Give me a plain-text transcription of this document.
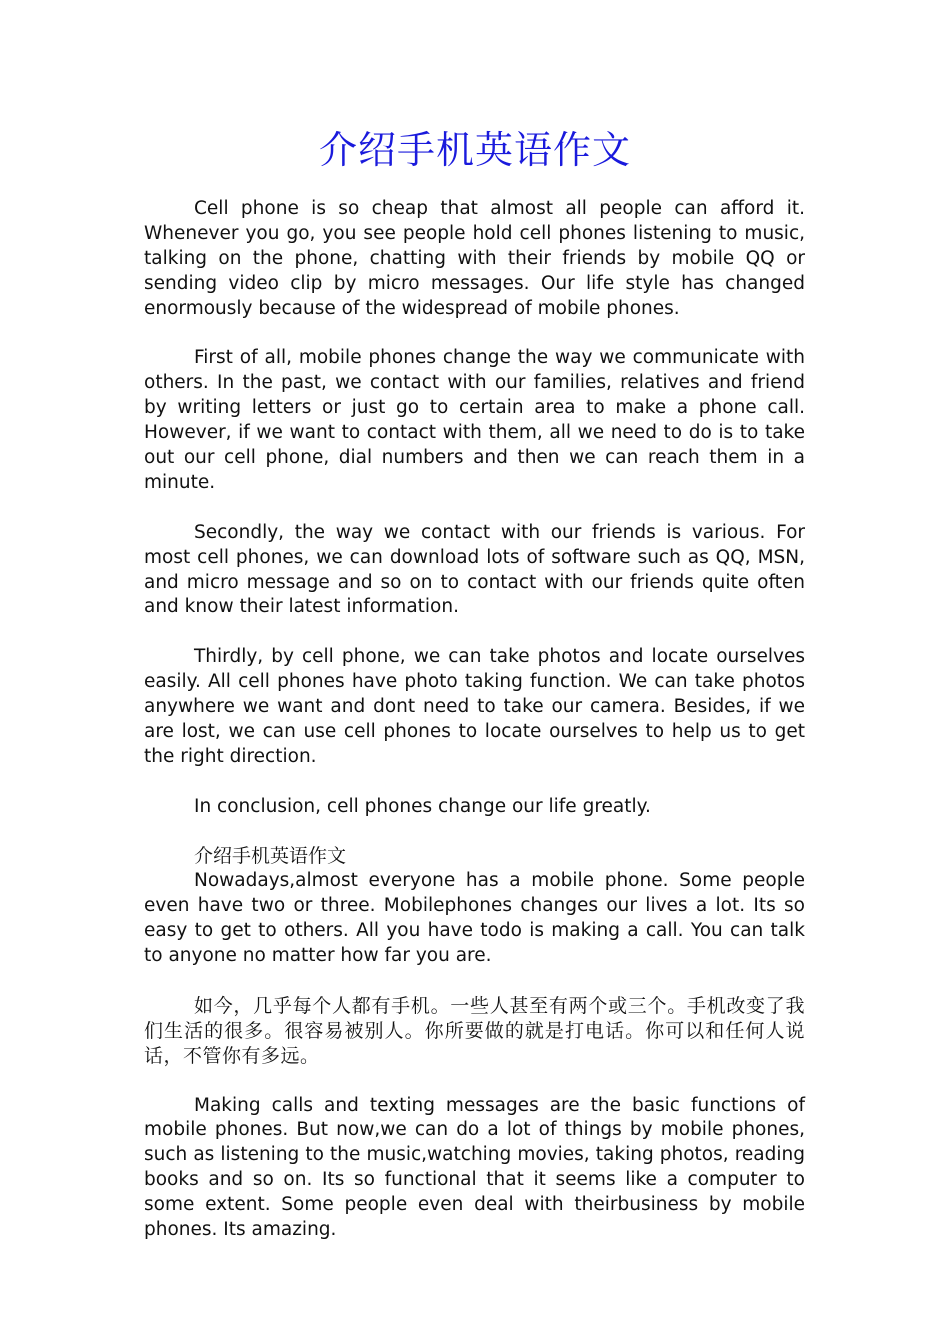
介绍手机英语作文

Cell phone is so cheap that almost all people can afford it. Whenever you go, you see people hold cell phones listening to music, talking on the phone, chatting with their friends by mobile QQ or sending video clip by micro messages. Our life style has changed enormously because of the widespread of mobile phones.

First of all, mobile phones change the way we communicate with others. In the past, we contact with our families, relatives and friend by writing letters or just go to certain area to make a phone call. However, if we want to contact with them, all we need to do is to take out our cell phone, dial numbers and then we can reach them in a minute.

Secondly, the way we contact with our friends is various. For most cell phones, we can download lots of software such as QQ, MSN, and micro message and so on to contact with our friends quite often and know their latest information.

Thirdly, by cell phone, we can take photos and locate ourselves easily. All cell phones have photo taking function. We can take photos anywhere we want and dont need to take our camera. Besides, if we are lost, we can use cell phones to locate ourselves to help us to get the right direction.

In conclusion, cell phones change our life greatly.

介绍手机英语作文

Nowadays,almost everyone has a mobile phone. Some people even have two or three. Mobilephones changes our lives a lot. Its so easy to get to others. All you have todo is making a call. You can talk to anyone no matter how far you are.

如今，几乎每个人都有手机。一些人甚至有两个或三个。手机改变了我们生活的很多。很容易被别人。你所要做的就是打电话。你可以和任何人说话，不管你有多远。

Making calls and texting messages are the basic functions of mobile phones. But now,we can do a lot of things by mobile phones, such as listening to the music,watching movies, taking photos, reading books and so on. Its so functional that it seems like a computer to some extent. Some people even deal with theirbusiness by mobile phones. Its amazing.
